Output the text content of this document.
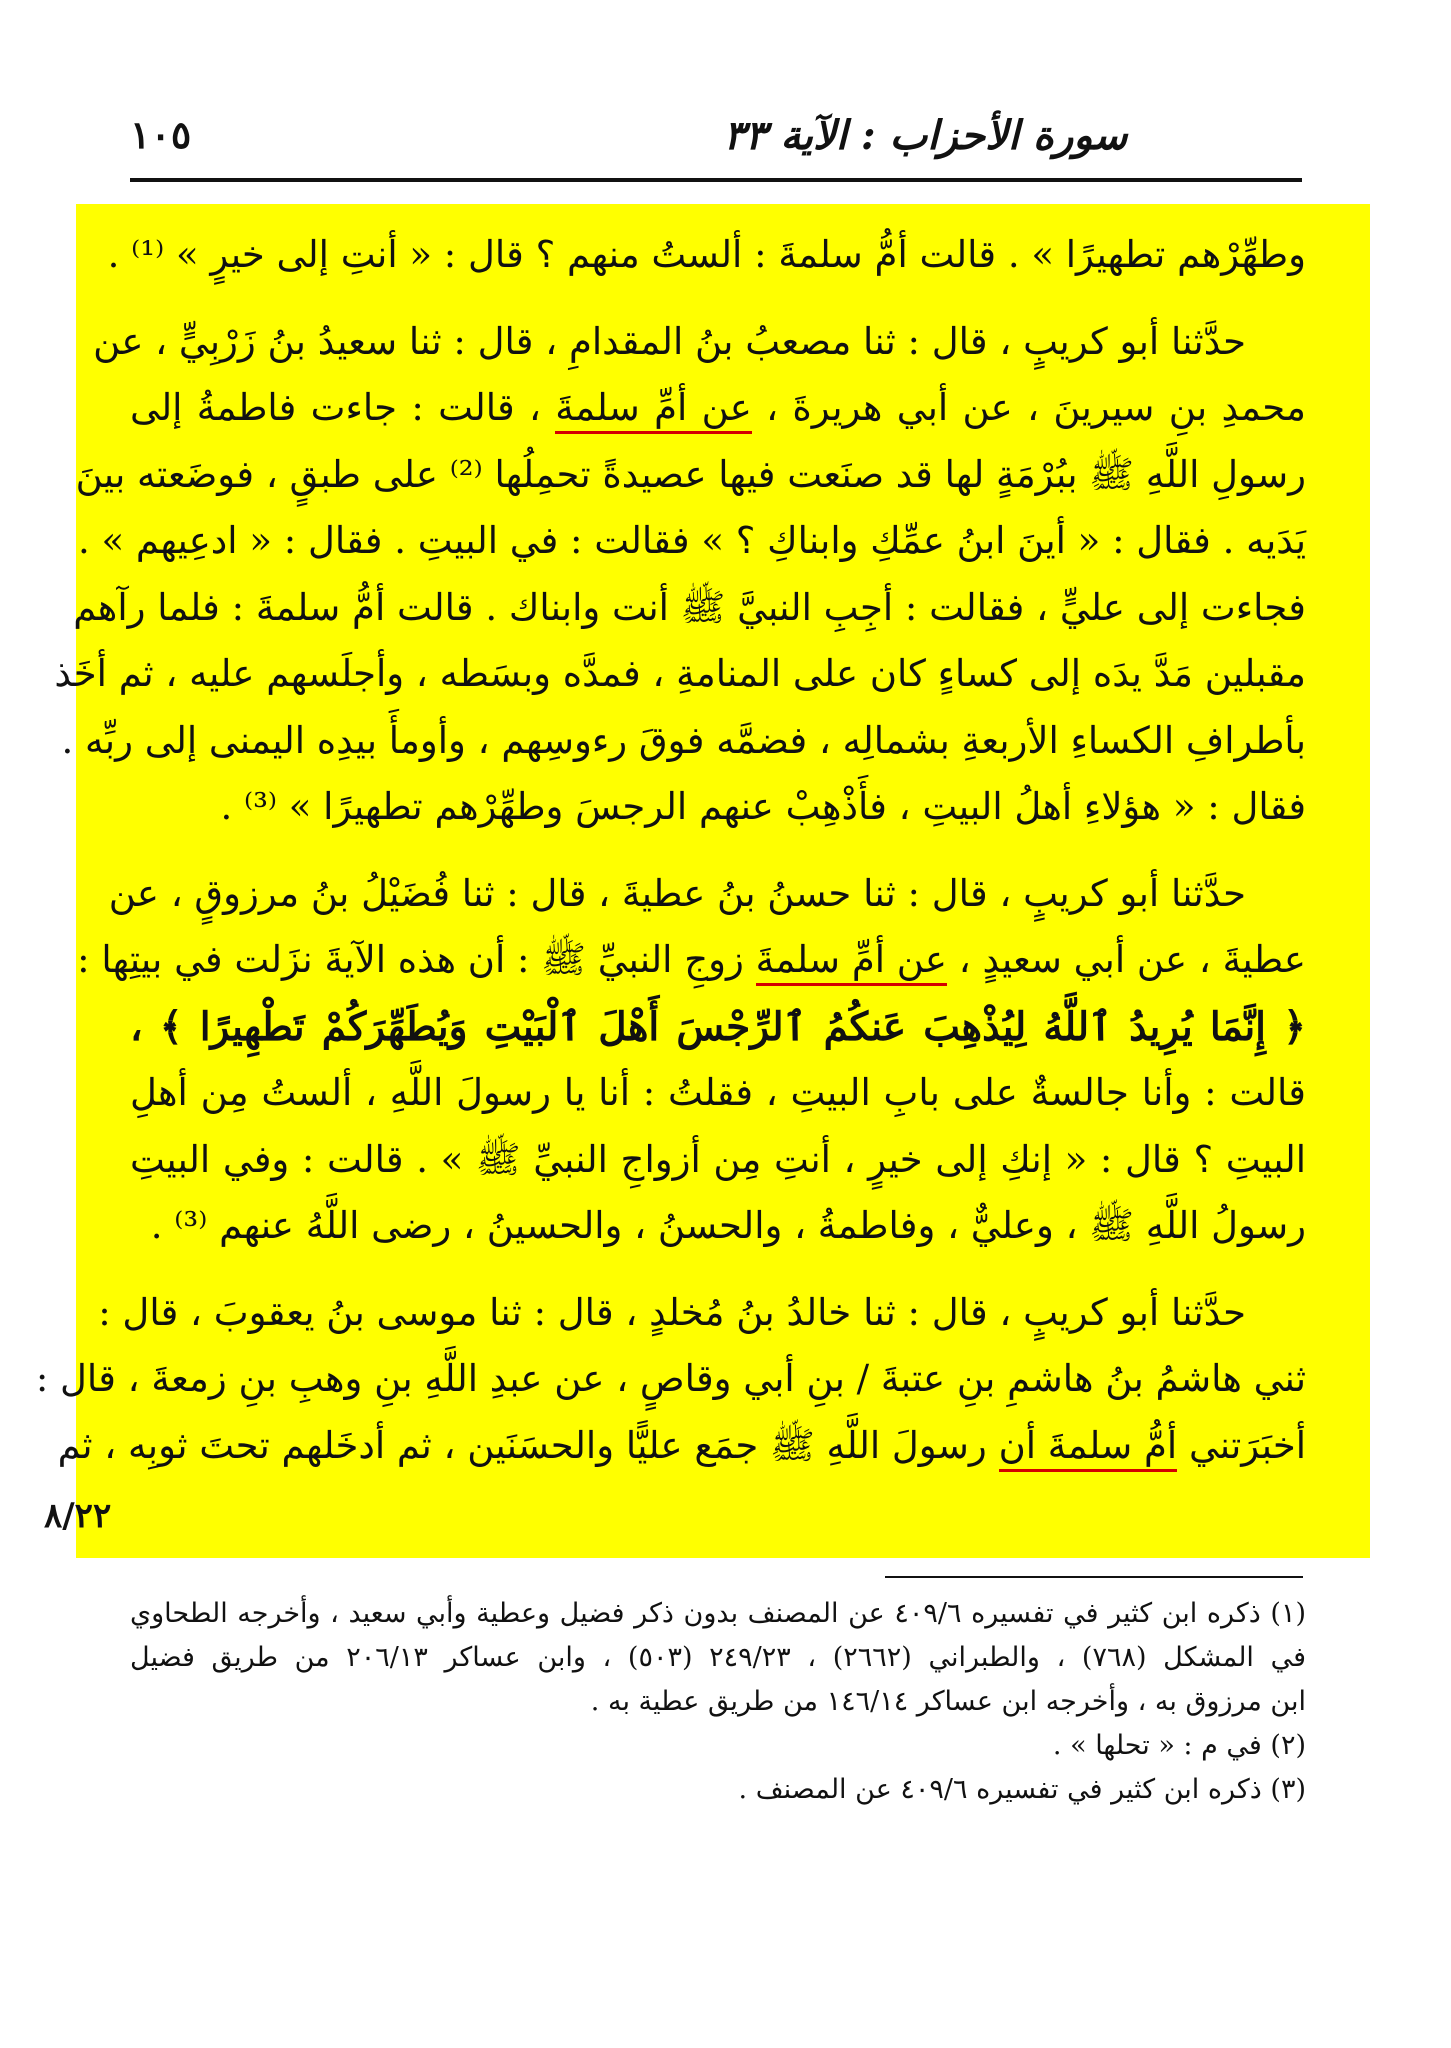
١٠٥	سورة الأحزاب : الآية ٣٣
وطهِّرْهم تطهيرًا » . قالت أمُّ سلمةَ : ألستُ منهم ؟ قال : « أنتِ إلى خيرٍ » ⁽¹⁾ .
حدَّثنا أبو كريبٍ ، قال : ثنا مصعبُ بنُ المقدامِ ، قال : ثنا سعيدُ بنُ زَرْبِيٍّ ، عن
محمدِ بنِ سيرينَ ، عن أبي هريرةَ ، عن أمِّ سلمةَ ، قالت : جاءت فاطمةُ إلى
رسولِ اللَّهِ ﷺ ببُرْمَةٍ لها قد صنَعت فيها عصيدةً تحمِلُها ⁽²⁾ على طبقٍ ، فوضَعته بينَ
يَدَيه . فقال : « أينَ ابنُ عمِّكِ وابناكِ ؟ » فقالت : في البيتِ . فقال : « ادعِيهم » .
فجاءت إلى عليٍّ ، فقالت : أجِبِ النبيَّ ﷺ أنت وابناك . قالت أمُّ سلمةَ : فلما رآهم
مقبلين مَدَّ يدَه إلى كساءٍ كان على المنامةِ ، فمدَّه وبسَطه ، وأجلَسهم عليه ، ثم أخَذ
بأطرافِ الكساءِ الأربعةِ بشمالِه ، فضمَّه فوقَ رءوسِهم ، وأومأَ بيدِه اليمنى إلى ربِّه .
فقال : « هؤلاءِ أهلُ البيتِ ، فأَذْهِبْ عنهم الرجسَ وطهِّرْهم تطهيرًا » ⁽³⁾ .
حدَّثنا أبو كريبٍ ، قال : ثنا حسنُ بنُ عطيةَ ، قال : ثنا فُضَيْلُ بنُ مرزوقٍ ، عن
عطيةَ ، عن أبي سعيدٍ ، عن أمِّ سلمةَ زوجِ النبيِّ ﷺ : أن هذه الآيةَ نزَلت في بيتِها :
﴿ إِنَّمَا يُرِيدُ ٱللَّهُ لِيُذْهِبَ عَنكُمُ ٱلرِّجْسَ أَهْلَ ٱلْبَيْتِ وَيُطَهِّرَكُمْ تَطْهِيرًا ﴾ ،
قالت : وأنا جالسةٌ على بابِ البيتِ ، فقلتُ : أنا يا رسولَ اللَّهِ ، ألستُ مِن أهلِ
البيتِ ؟ قال : « إنكِ إلى خيرٍ ، أنتِ مِن أزواجِ النبيِّ ﷺ » . قالت : وفي البيتِ
رسولُ اللَّهِ ﷺ ، وعليٌّ ، وفاطمةُ ، والحسنُ ، والحسينُ ، رضى اللَّهُ عنهم ⁽³⁾ .
حدَّثنا أبو كريبٍ ، قال : ثنا خالدُ بنُ مُخلدٍ ، قال : ثنا موسى بنُ يعقوبَ ، قال :
ثني هاشمُ بنُ هاشمِ بنِ عتبةَ / بنِ أبي وقاصٍ ، عن عبدِ اللَّهِ بنِ وهبِ بنِ زمعةَ ، قال :
أخبَرَتني أمُّ سلمةَ أن رسولَ اللَّهِ ﷺ جمَع عليًّا والحسَنَين ، ثم أدخَلهم تحتَ ثوبِه ، ثم
٨/٢٢
(١) ذكره ابن كثير في تفسيره ٤٠٩/٦ عن المصنف بدون ذكر فضيل وعطية وأبي سعيد ، وأخرجه الطحاوي
في المشكل (٧٦٨) ، والطبراني (٢٦٦٢) ، ٢٤٩/٢٣ (٥٠٣) ، وابن عساكر ٢٠٦/١٣ من طريق فضيل
ابن مرزوق به ، وأخرجه ابن عساكر ١٤٦/١٤ من طريق عطية به .
(٢) في م : « تحلها » .
(٣) ذكره ابن كثير في تفسيره ٤٠٩/٦ عن المصنف .
